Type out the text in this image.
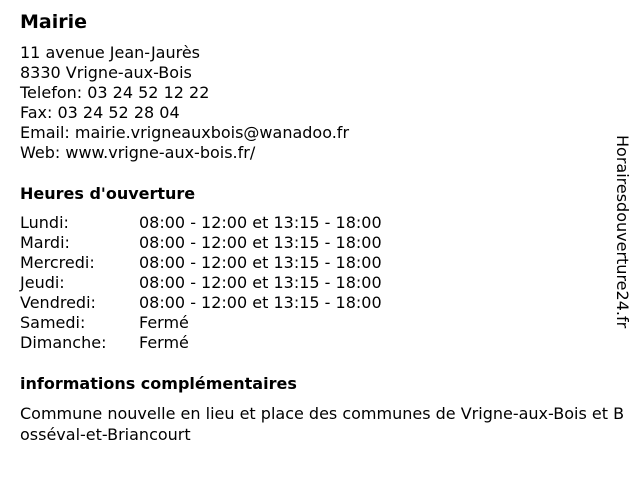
Mairie
11 avenue Jean-Jaurès
8330 Vrigne-aux-Bois
Telefon: 03 24 52 12 22
Fax: 03 24 52 28 04
Email: mairie.vrigneauxbois@wanadoo.fr
Web: www.vrigne-aux-bois.fr/
Heures d'ouverture
Lundi:	08:00 - 12:00 et 13:15 - 18:00
Mardi:	08:00 - 12:00 et 13:15 - 18:00
Mercredi:	08:00 - 12:00 et 13:15 - 18:00
Jeudi:	08:00 - 12:00 et 13:15 - 18:00
Vendredi:	08:00 - 12:00 et 13:15 - 18:00
Samedi:	Fermé
Dimanche:	Fermé
informations complémentaires
Commune nouvelle en lieu et place des communes de Vrigne-aux-Bois et Bosséval-et-Briancourt
Horairesdouverture24.fr
